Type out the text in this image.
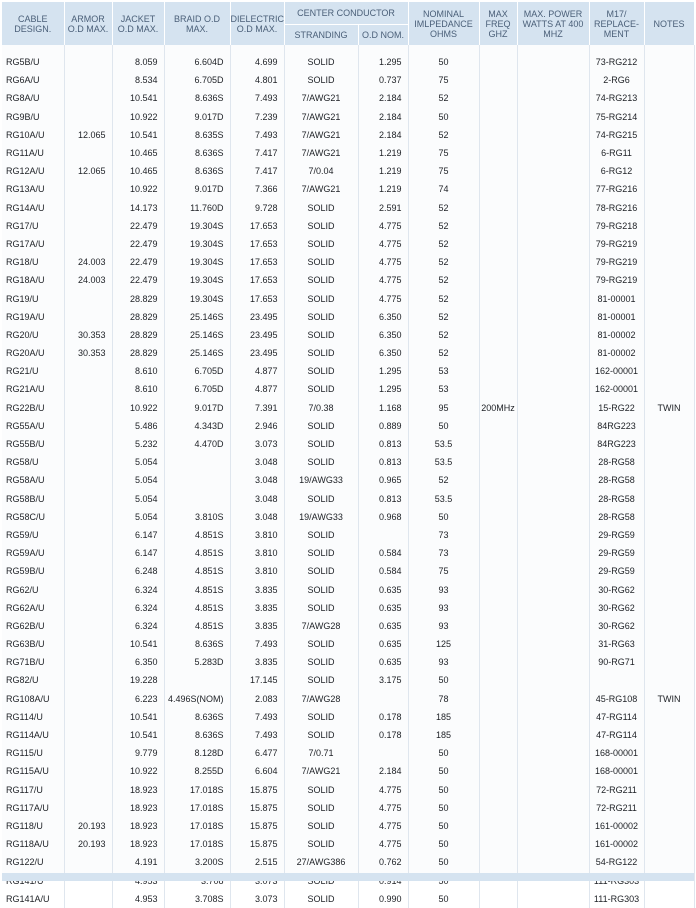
CABLE DESIGN.	ARMOR O.D MAX.	JACKET O.D MAX.	BRAID O.D MAX.	DIELECTRIC O.D MAX.	CENTER CONDUCTOR		NOMINAL IMLPEDANCE OHMS	MAX FREQ GHZ	MAX. POWER WATTS AT 400 MHZ	M17/ REPLACE- MENT	NOTES

					STRANDING	O.D NOM.					

RG5B/U		8.059	6.604D	4.699	SOLID	1.295	50			73-RG212	
RG6A/U		8.534	6.705D	4.801	SOLID	0.737	75			2-RG6	
RG8A/U		10.541	8.636S	7.493	7/AWG21	2.184	52			74-RG213	
RG9B/U		10.922	9.017D	7.239	7/AWG21	2.184	50			75-RG214	
RG10A/U	12.065	10.541	8.635S	7.493	7/AWG21	2.184	52			74-RG215	
RG11A/U		10.465	8.636S	7.417	7/AWG21	1.219	75			6-RG11	
RG12A/U	12.065	10.465	8.636S	7.417	7/0.04	1.219	75			6-RG12	
RG13A/U		10.922	9.017D	7.366	7/AWG21	1.219	74			77-RG216	
RG14A/U		14.173	11.760D	9.728	SOLID	2.591	52			78-RG216	
RG17/U		22.479	19.304S	17.653	SOLID	4.775	52			79-RG218	
RG17A/U		22.479	19.304S	17.653	SOLID	4.775	52			79-RG219	
RG18/U	24.003	22.479	19.304S	17.653	SOLID	4.775	52			79-RG219	
RG18A/U	24.003	22.479	19.304S	17.653	SOLID	4.775	52			79-RG219	
RG19/U		28.829	19.304S	17.653	SOLID	4.775	52			81-00001	
RG19A/U		28.829	25.146S	23.495	SOLID	6.350	52			81-00001	
RG20/U	30.353	28.829	25.146S	23.495	SOLID	6.350	52			81-00002	
RG20A/U	30.353	28.829	25.146S	23.495	SOLID	6.350	52			81-00002	
RG21/U		8.610	6.705D	4.877	SOLID	1.295	53			162-00001	
RG21A/U		8.610	6.705D	4.877	SOLID	1.295	53			162-00001	
RG22B/U		10.922	9.017D	7.391	7/0.38	1.168	95	200MHz		15-RG22	TWIN
RG55A/U		5.486	4.343D	2.946	SOLID	0.889	50			84RG223	
RG55B/U		5.232	4.470D	3.073	SOLID	0.813	53.5			84RG223	
RG58/U		5.054		3.048	SOLID	0.813	53.5			28-RG58	
RG58A/U		5.054		3.048	19/AWG33	0.965	52			28-RG58	
RG58B/U		5.054		3.048	SOLID	0.813	53.5			28-RG58	
RG58C/U		5.054	3.810S	3.048	19/AWG33	0.968	50			28-RG58	
RG59/U		6.147	4.851S	3.810	SOLID		73			29-RG59	
RG59A/U		6.147	4.851S	3.810	SOLID	0.584	73			29-RG59	
RG59B/U		6.248	4.851S	3.810	SOLID	0.584	75			29-RG59	
RG62/U		6.324	4.851S	3.835	SOLID	0.635	93			30-RG62	
RG62A/U		6.324	4.851S	3.835	SOLID	0.635	93			30-RG62	
RG62B/U		6.324	4.851S	3.835	7/AWG28	0.635	93			30-RG62	
RG63B/U		10.541	8.636S	7.493	SOLID	0.635	125			31-RG63	
RG71B/U		6.350	5.283D	3.835	SOLID	0.635	93			90-RG71	
RG82/U		19.228		17.145	SOLID	3.175	50				
RG108A/U		6.223	4.496S(NOM)	2.083	7/AWG28		78			45-RG108	TWIN
RG114/U		10.541	8.636S	7.493	SOLID	0.178	185			47-RG114	
RG114A/U		10.541	8.636S	7.493	SOLID	0.178	185			47-RG114	
RG115/U		9.779	8.128D	6.477	7/0.71		50			168-00001	
RG115A/U		10.922	8.255D	6.604	7/AWG21	2.184	50			168-00001	
RG117/U		18.923	17.018S	15.875	SOLID	4.775	50			72-RG211	
RG117A/U		18.923	17.018S	15.875	SOLID	4.775	50			72-RG211	
RG118/U	20.193	18.923	17.018S	15.875	SOLID	4.775	50			161-00002	
RG118A/U	20.193	18.923	17.018S	15.875	SOLID	4.775	50			161-00002	
RG122/U		4.191	3.200S	2.515	27/AWG386	0.762	50			54-RG122	

RG141A/U		4.953	3.708S	3.073	SOLID	0.990	50			111-RG303	
